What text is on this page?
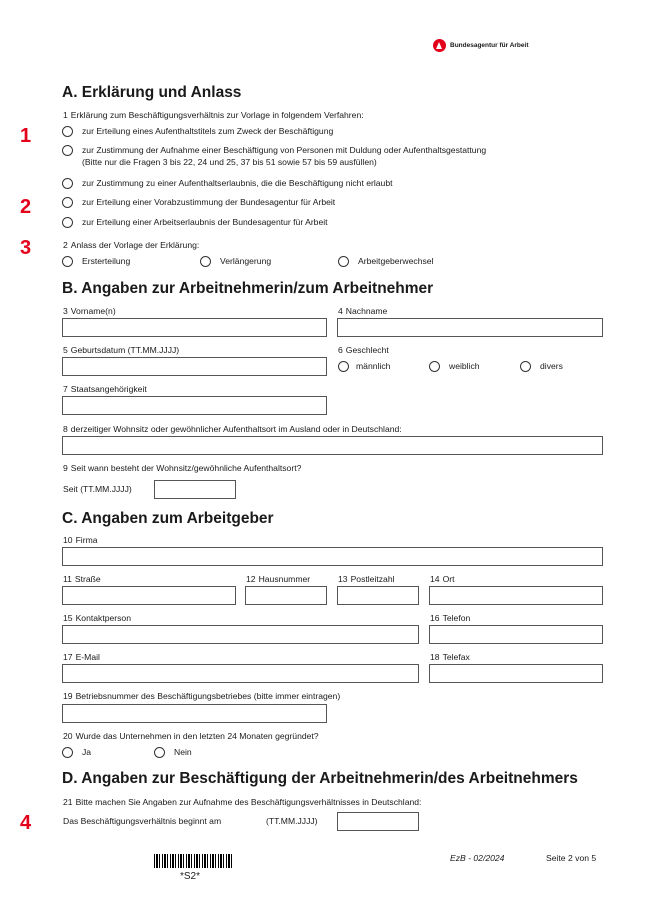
Bundesagentur für Arbeit
1
2
3
4
A. Erklärung und Anlass
1 Erklärung zum Beschäftigungsverhältnis zur Vorlage in folgendem Verfahren:
zur Erteilung eines Aufenthaltstitels zum Zweck der Beschäftigung
zur Zustimmung der Aufnahme einer Beschäftigung von Personen mit Duldung oder Aufenthaltsgestattung
(Bitte nur die Fragen 3 bis 22, 24 und 25, 37 bis 51 sowie 57 bis 59 ausfüllen)
zur Zustimmung zu einer Aufenthaltserlaubnis, die die Beschäftigung nicht erlaubt
zur Erteilung einer Vorabzustimmung der Bundesagentur für Arbeit
zur Erteilung einer Arbeitserlaubnis der Bundesagentur für Arbeit
2 Anlass der Vorlage der Erklärung:
Ersterteilung	Verlängerung	Arbeitgeberwechsel
B. Angaben zur Arbeitnehmerin/zum Arbeitnehmer
3 Vorname(n)	4 Nachname
5 Geburtsdatum (TT.MM.JJJJ)	6 Geschlecht
männlich	weiblich	divers
7 Staatsangehörigkeit
8 derzeitiger Wohnsitz oder gewöhnlicher Aufenthaltsort im Ausland oder in Deutschland:
9 Seit wann besteht der Wohnsitz/gewöhnliche Aufenthaltsort?
Seit (TT.MM.JJJJ)
C. Angaben zum Arbeitgeber
10 Firma
11 Straße	12 Hausnummer	13 Postleitzahl	14 Ort
15 Kontaktperson	16 Telefon
17 E-Mail	18 Telefax
19 Betriebsnummer des Beschäftigungsbetriebes (bitte immer eintragen)
20 Wurde das Unternehmen in den letzten 24 Monaten gegründet?
Ja	Nein
D. Angaben zur Beschäftigung der Arbeitnehmerin/des Arbeitnehmers
21 Bitte machen Sie Angaben zur Aufnahme des Beschäftigungsverhältnisses in Deutschland:
Das Beschäftigungsverhältnis beginnt am	(TT.MM.JJJJ)
*S2*
EzB - 02/2024	Seite 2 von 5
